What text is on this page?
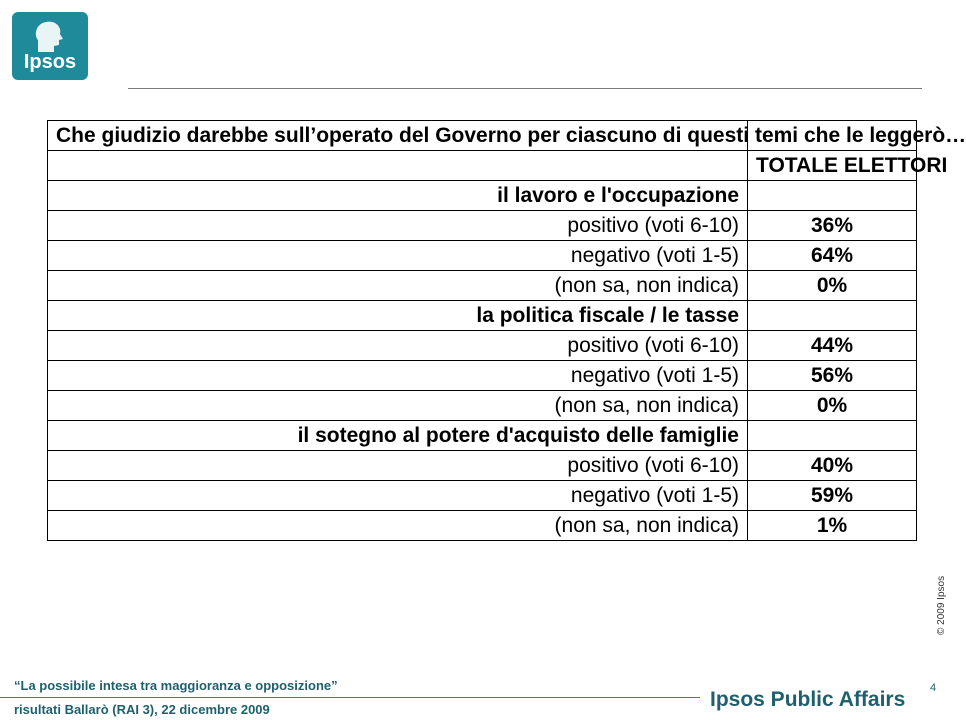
Ipsos
Che giudizio darebbe sull’operato del Governo per ciascuno di questi temi che le leggerò…	
	TOTALE ELETTORI
il lavoro e l'occupazione	
positivo (voti 6-10)	36%
negativo (voti 1-5)	64%
(non sa, non indica)	0%
la politica fiscale / le tasse	
positivo (voti 6-10)	44%
negativo (voti 1-5)	56%
(non sa, non indica)	0%
il sotegno al potere d'acquisto delle famiglie	
positivo (voti 6-10)	40%
negativo (voti 1-5)	59%
(non sa, non indica)	1%
© 2009 Ipsos
“La possibile intesa tra maggioranza e opposizione”
risultati Ballarò (RAI 3), 22 dicembre 2009
4
Ipsos Public Affairs
